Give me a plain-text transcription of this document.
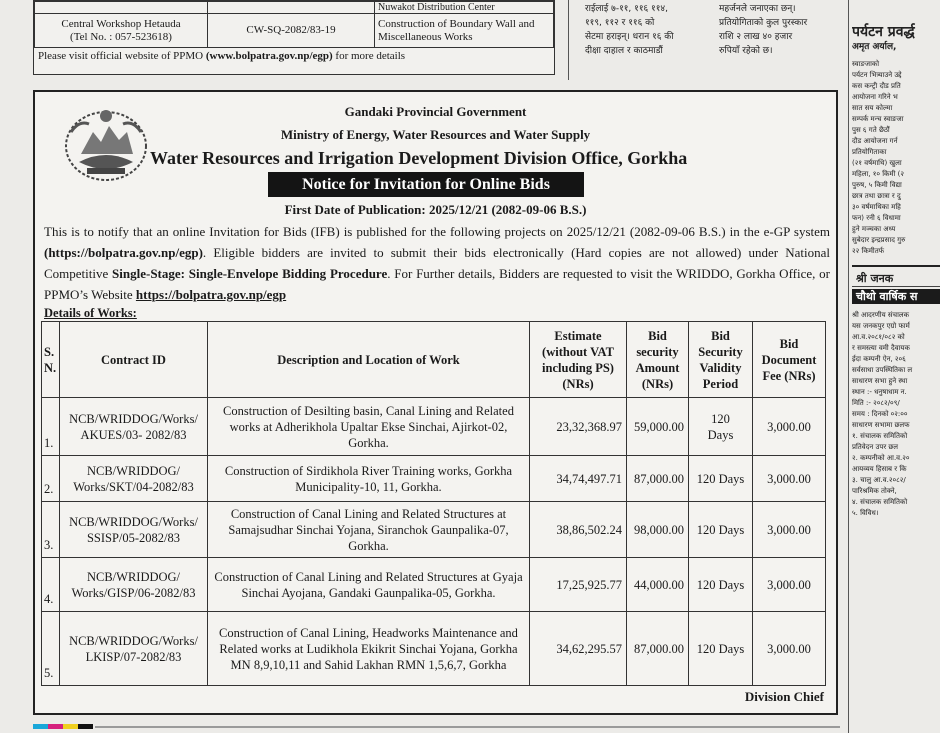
		Nuwakot Distribution Center

Central Workshop Hetauda
(Tel No. : 057-523618)	CW-SQ-2082/83-19	Construction of Boundary Wall and Miscellaneous Works
Please visit official website of PPMO (www.bolpatra.gov.np/egp) for more details
राईलाई ७-११, ११६ ११४,
११९, ११२ र ११६ को
सेटमा हराइन्। धरान १६ की
दीक्षा दाहाल र काठमाडौं
महर्जनले जनाएका छन्।
प्रतियोगिताको कुल पुरस्कार
राशि २ लाख ४० हजार
रुपियाँ रहेको छ।
पर्यटन प्रवर्द्ध
अमृत अर्याल,
स्वाङजाको
पर्यटन भित्र्याउने उद्दे
कस कन्ट्री दौड प्रति
आयोजना गरिने भ
सात सय कोल्मा
सम्पर्क मन्च स्वाङजा
पुस ६ गते छैठौं
दौड आयोजना गर्न
प्रतियोगिताका
(२१ वर्षमाथि) खुला
महिला, १० किमी (२
पुरुष, ५ किमी विद्या
छात्र तथा छात्रा र दु
३० वर्षमाथिका महि
फन) रनी ६ विधामा
हुने मञ्चका अध्य
सुबेदार इन्द्रप्रसाद गुरु
२२ किमीतर्फ
श्री जनक
चौथो वार्षिक स
श्री आदरणीय संचालक
यस जनकपुर एग्रो फार्म
आ.व.२०८१/०८२ को
र समस्त्या वमी दैवायक
ईदा कम्पनी ऐन, २०६
सर्वसाधा उपस्थितिका ल
साधारण सभा हुने स्था
स्थान :- धनुषाधाम न.
मिति :- २०८२/०९/
समय : दिनको ०२:००
साधारण सभामा छलफ
१. संचालक समितिको
प्रतिवेदन उपर छल
२. कम्पनीको आ.व.२०
आयव्यय हिसाब र कि
३. चालु आ.व.२०८२/
पारिश्रमिक तोक्ने,
४. संचालक समितिको
५. विविध।
Gandaki Provincial Government
Ministry of Energy, Water Resources and Water Supply
Water Resources and Irrigation Development Division Office, Gorkha
Notice for Invitation for Online Bids
First Date of Publication: 2025/12/21 (2082-09-06 B.S.)
This is to notify that an online Invitation for Bids (IFB) is published for the following projects on 2025/12/21 (2082-09-06 B.S.) in the e-GP system (https://bolpatra.gov.np/egp). Eligible bidders are invited to submit their bids electronically (Hard copies are not allowed) under National Competitive Single-Stage: Single-Envelope Bidding Procedure. For Further details, Bidders are requested to visit the WRIDDO, Gorkha Office, or PPMO’s Website https://bolpatra.gov.np/egp
Details of Works:
S. N.	Contract ID	Description and Location of Work	Estimate (without VAT including PS) (NRs)	Bid security Amount (NRs)	Bid Security Validity Period	Bid Document Fee (NRs)
1.	NCB/WRIDDOG/Works/ AKUES/03- 2082/83	Construction of Desilting basin, Canal Lining and Related works at Adherikhola Upaltar Ekse Sinchai, Ajirkot-02, Gorkha.	23,32,368.97	59,000.00	120 Days	3,000.00
2.	NCB/WRIDDOG/ Works/SKT/04-2082/83	Construction of Sirdikhola River Training works, Gorkha Municipality-10, 11, Gorkha.	34,74,497.71	87,000.00	120 Days	3,000.00
3.	NCB/WRIDDOG/Works/ SSISP/05-2082/83	Construction of Canal Lining and Related Structures at Samajsudhar Sinchai Yojana, Siranchok Gaunpalika-07, Gorkha.	38,86,502.24	98,000.00	120 Days	3,000.00
4.	NCB/WRIDDOG/ Works/GISP/06-2082/83	Construction of Canal Lining and Related Structures at Gyaja Sinchai Ayojana, Gandaki Gaunpalika-05, Gorkha.	17,25,925.77	44,000.00	120 Days	3,000.00
5.	NCB/WRIDDOG/Works/ LKISP/07-2082/83	Construction of Canal Lining, Headworks Maintenance and Related works at Ludikhola Ekikrit Sinchai Yojana, Gorkha MN 8,9,10,11 and Sahid Lakhan RMN 1,5,6,7, Gorkha	34,62,295.57	87,000.00	120 Days	3,000.00
Division Chief
